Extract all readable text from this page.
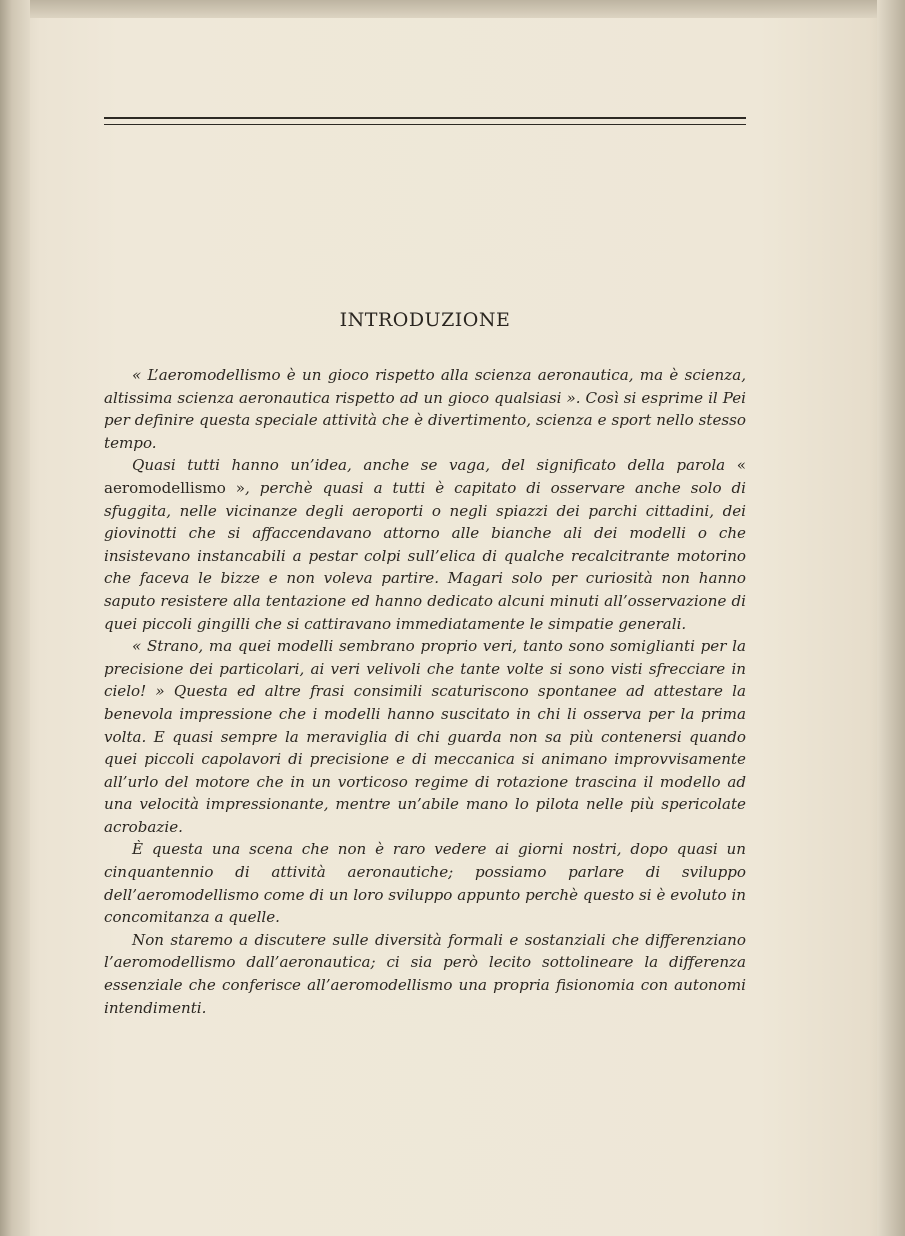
INTRODUZIONE

« L’aeromodellismo è un gioco rispetto alla scienza aeronautica, ma è scienza, altissima scienza aeronautica rispetto ad un gioco qualsiasi ». Così si esprime il Pei per definire questa speciale attività che è divertimento, scienza e sport nello stesso tempo.

Quasi tutti hanno un’idea, anche se vaga, del significato della parola « aeromodellismo », perchè quasi a tutti è capitato di osservare anche solo di sfuggita, nelle vicinanze degli aeroporti o negli spiazzi dei parchi cittadini, dei giovinotti che si affaccendavano attorno alle bianche ali dei modelli o che insistevano instancabili a pestar colpi sull’elica di qualche recalcitrante motorino che faceva le bizze e non voleva partire. Magari solo per curiosità non hanno saputo resistere alla tentazione ed hanno dedicato alcuni minuti all’osservazione di quei piccoli gingilli che si cattiravano immediatamente le simpatie generali.

« Strano, ma quei modelli sembrano proprio veri, tanto sono somiglianti per la precisione dei particolari, ai veri velivoli che tante volte si sono visti sfrecciare in cielo! » Questa ed altre frasi consimili scaturiscono spontanee ad attestare la benevola impressione che i modelli hanno suscitato in chi li osserva per la prima volta. E quasi sempre la meraviglia di chi guarda non sa più contenersi quando quei piccoli capolavori di precisione e di meccanica si animano improvvisamente all’urlo del motore che in un vorticoso regime di rotazione trascina il modello ad una velocità impressionante, mentre un’abile mano lo pilota nelle più spericolate acrobazie.

È questa una scena che non è raro vedere ai giorni nostri, dopo quasi un cinquantennio di attività aeronautiche; possiamo parlare di sviluppo dell’aeromodellismo come di un loro sviluppo appunto perchè questo si è evoluto in concomitanza a quelle.

Non staremo a discutere sulle diversità formali e sostanziali che differenziano l’aeromodellismo dall’aeronautica; ci sia però lecito sottolineare la differenza essenziale che conferisce all’aeromodellismo una propria fisionomia con autonomi intendimenti.
